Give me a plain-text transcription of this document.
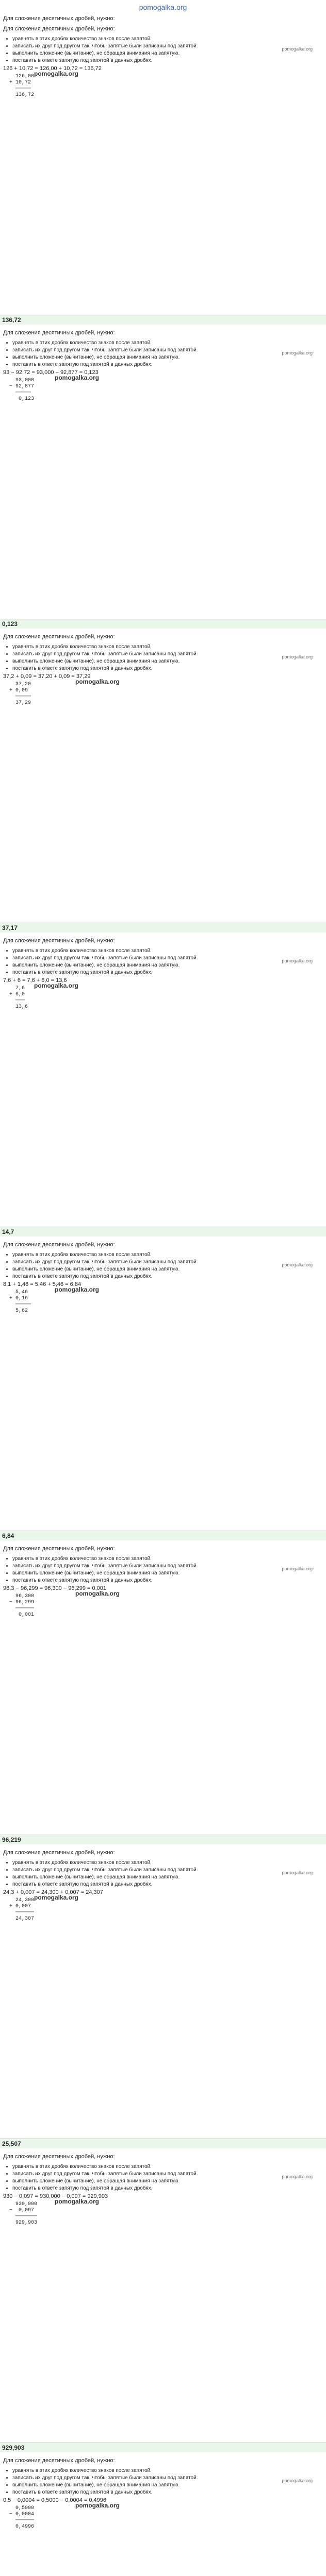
pomogalka.org
Для сложения десятичных дробей, нужно:
Для сложения десятичных дробей, нужно:
• уравнять в этих дробях количество знаков после запятой.
• записать их друг под другом так, чтобы запятые были записаны под запятой.
• выполнить сложение (вычитание), не обращая внимания на запятую.
• поставить в ответе запятую под запятой в данных дробях.
126 + 10,72 = 126,00 + 10,72 = 136,72
126,00
+ 10,72
─────
136,72
pomogalka.org
pomogalka.org
136,72
Для сложения десятичных дробей, нужно:
• уравнять в этих дробях количество знаков после запятой.
• записать их друг под другом так, чтобы запятые были записаны под запятой.
• выполнить сложение (вычитание), не обращая внимания на запятую.
• поставить в ответе запятую под запятой в данных дробях.
93 − 92,72 = 93,000 − 92,877 = 0,123
93,000
− 92,877
─────
0,123
pomogalka.org
pomogalka.org
0,123
Для сложения десятичных дробей, нужно:
• уравнять в этих дробях количество знаков после запятой.
• записать их друг под другом так, чтобы запятые были записаны под запятой.
• выполнить сложение (вычитание), не обращая внимания на запятую.
• поставить в ответе запятую под запятой в данных дробях.
37,2 + 0,09 = 37,20 + 0,09 = 37,29
37,20
+ 0,09
─────
37,29
pomogalka.org
pomogalka.org
37,17
Для сложения десятичных дробей, нужно:
• уравнять в этих дробях количество знаков после запятой.
• записать их друг под другом так, чтобы запятые были записаны под запятой.
• выполнить сложение (вычитание), не обращая внимания на запятую.
• поставить в ответе запятую под запятой в данных дробях.
7,6 + 6 = 7,6 + 6,0 = 13,6
7,6
+ 6,0
───
13,6
pomogalka.org
pomogalka.org
14,7
Для сложения десятичных дробей, нужно:
• уравнять в этих дробях количество знаков после запятой.
• записать их друг под другом так, чтобы запятые были записаны под запятой.
• выполнить сложение (вычитание), не обращая внимания на запятую.
• поставить в ответе запятую под запятой в данных дробях.
8,1 + 1,46 = 5,46 + 5,46 = 6,84
5,46
+ 0,16
─────
5,62
pomogalka.org
pomogalka.org
6,84
Для сложения десятичных дробей, нужно:
• уравнять в этих дробях количество знаков после запятой.
• записать их друг под другом так, чтобы запятые были записаны под запятой.
• выполнить сложение (вычитание), не обращая внимания на запятую.
• поставить в ответе запятую под запятой в данных дробях.
96,3 − 96,299 = 96,300 − 96,299 = 0,001
96,300
− 96,299
──────
0,001
pomogalka.org
pomogalka.org
96,219
Для сложения десятичных дробей, нужно:
• уравнять в этих дробях количество знаков после запятой.
• записать их друг под другом так, чтобы запятые были записаны под запятой.
• выполнить сложение (вычитание), не обращая внимания на запятую.
• поставить в ответе запятую под запятой в данных дробях.
24,3 + 0,007 = 24,300 + 0,007 = 24,307
24,300
+ 0,007
──────
24,307
pomogalka.org
pomogalka.org
25,507
Для сложения десятичных дробей, нужно:
• уравнять в этих дробях количество знаков после запятой.
• записать их друг под другом так, чтобы запятые были записаны под запятой.
• выполнить сложение (вычитание), не обращая внимания на запятую.
• поставить в ответе запятую под запятой в данных дробях.
930 − 0,097 = 930,000 − 0,097 = 929,903
930,000
−  0,097
───────
929,903
pomogalka.org
pomogalka.org
929,903
Для сложения десятичных дробей, нужно:
• уравнять в этих дробях количество знаков после запятой.
• записать их друг под другом так, чтобы запятые были записаны под запятой.
• выполнить сложение (вычитание), не обращая внимания на запятую.
• поставить в ответе запятую под запятой в данных дробях.
0,5 − 0,0004 = 0,5000 − 0,0004 = 0,4996
0,5000
− 0,0004
──────
0,4996
pomogalka.org
pomogalka.org
